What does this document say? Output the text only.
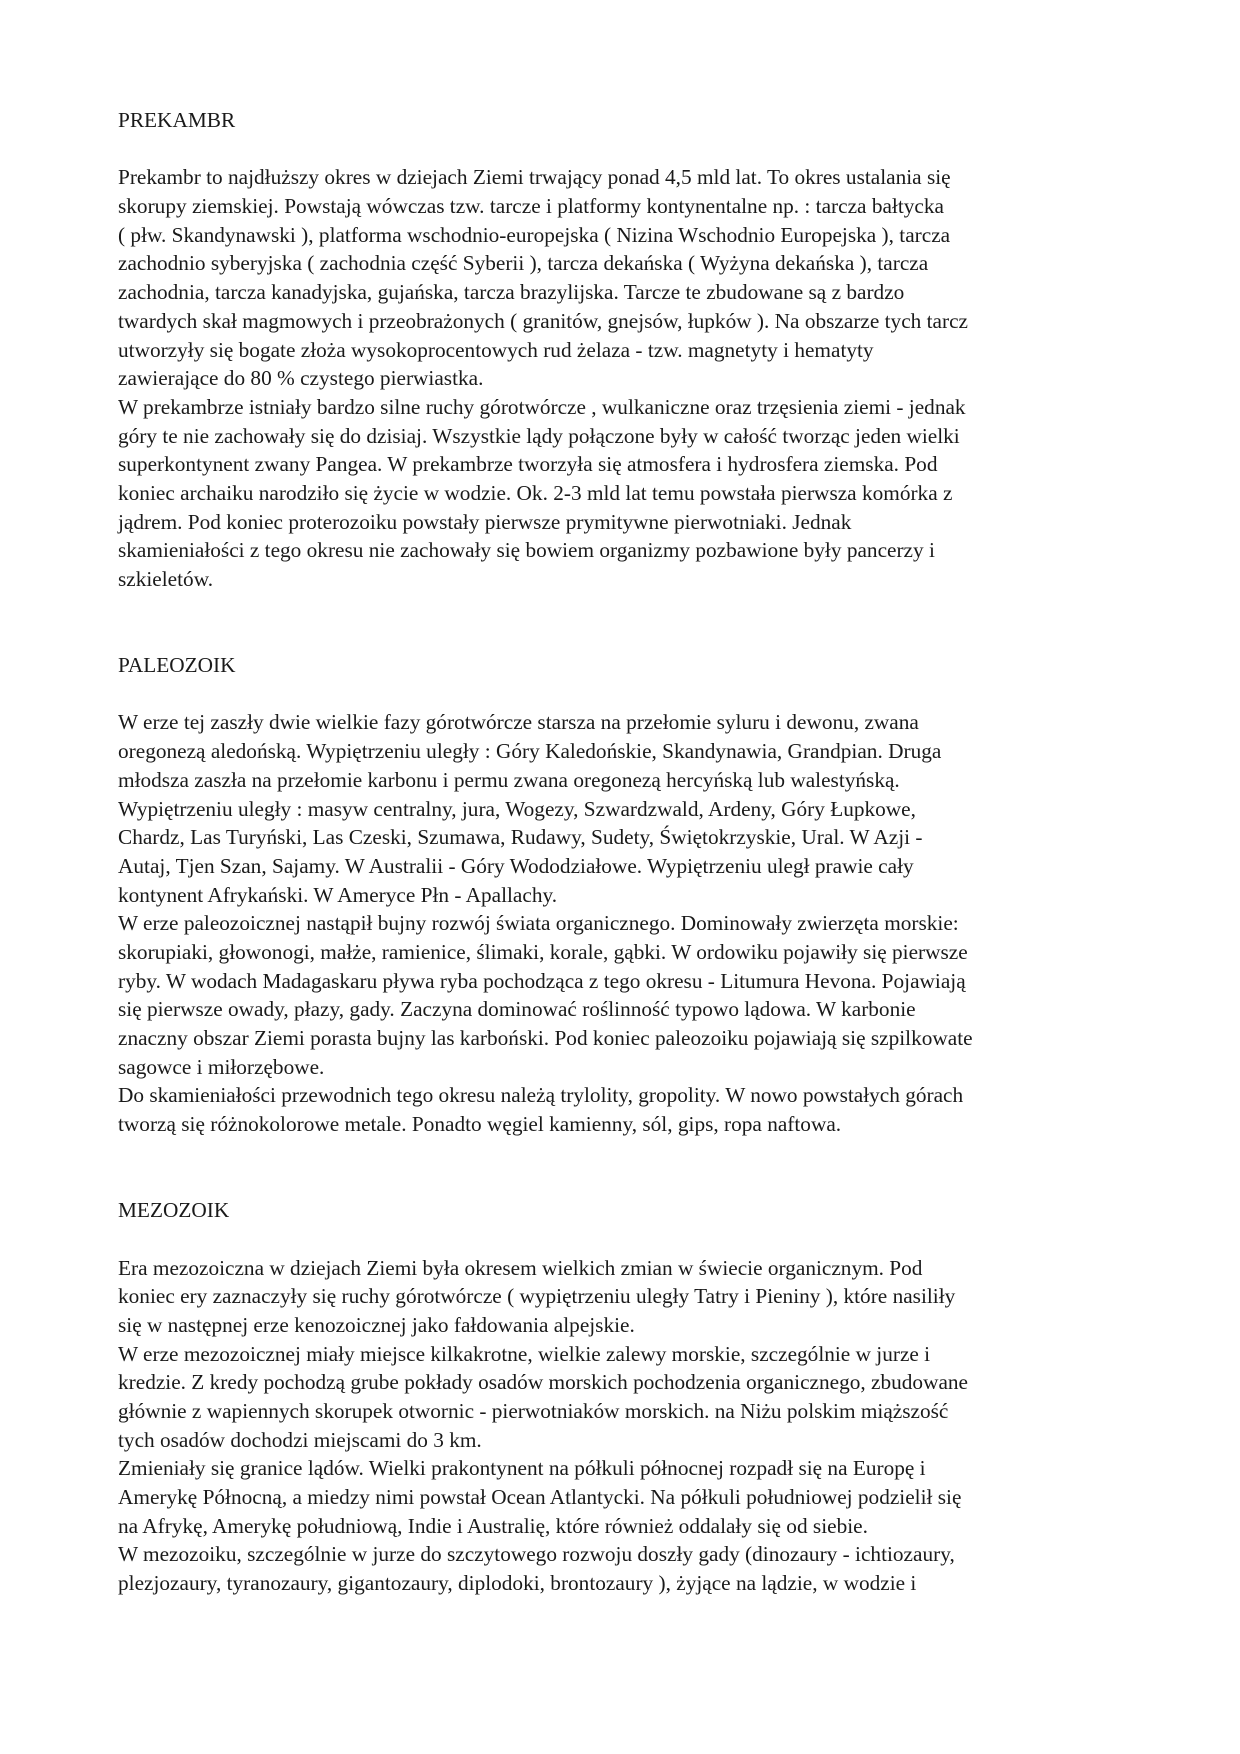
PREKAMBR
Prekambr to najdłuższy okres w dziejach Ziemi trwający ponad 4,5 mld lat. To okres ustalania się
skorupy ziemskiej. Powstają wówczas tzw. tarcze i platformy kontynentalne np. : tarcza bałtycka
( płw. Skandynawski ), platforma wschodnio-europejska ( Nizina Wschodnio Europejska ), tarcza
zachodnio syberyjska ( zachodnia część Syberii ), tarcza dekańska ( Wyżyna dekańska ), tarcza
zachodnia, tarcza kanadyjska, gujańska, tarcza brazylijska. Tarcze te zbudowane są z bardzo
twardych skał magmowych i przeobrażonych ( granitów, gnejsów, łupków ). Na obszarze tych tarcz
utworzyły się bogate złoża wysokoprocentowych rud żelaza - tzw. magnetyty i hematyty
zawierające do 80 % czystego pierwiastka.
W prekambrze istniały bardzo silne ruchy górotwórcze , wulkaniczne oraz trzęsienia ziemi - jednak
góry te nie zachowały się do dzisiaj. Wszystkie lądy połączone były w całość tworząc jeden wielki
superkontynent zwany Pangea. W prekambrze tworzyła się atmosfera i hydrosfera ziemska. Pod
koniec archaiku narodziło się życie w wodzie. Ok. 2-3 mld lat temu powstała pierwsza komórka z
jądrem. Pod koniec proterozoiku powstały pierwsze prymitywne pierwotniaki. Jednak
skamieniałości z tego okresu nie zachowały się bowiem organizmy pozbawione były pancerzy i
szkieletów.
PALEOZOIK
W erze tej zaszły dwie wielkie fazy górotwórcze starsza na przełomie syluru i dewonu, zwana
oregonezą aledońską. Wypiętrzeniu uległy : Góry Kaledońskie, Skandynawia, Grandpian. Druga
młodsza zaszła na przełomie karbonu i permu zwana oregonezą hercyńską lub walestyńską.
Wypiętrzeniu uległy : masyw centralny, jura, Wogezy, Szwardzwald, Ardeny, Góry Łupkowe,
Chardz, Las Turyński, Las Czeski, Szumawa, Rudawy, Sudety, Świętokrzyskie, Ural. W Azji -
Autaj, Tjen Szan, Sajamy. W Australii - Góry Wododziałowe. Wypiętrzeniu uległ prawie cały
kontynent Afrykański. W Ameryce Płn - Apallachy.
W erze paleozoicznej nastąpił bujny rozwój świata organicznego. Dominowały zwierzęta morskie:
skorupiaki, głowonogi, małże, ramienice, ślimaki, korale, gąbki. W ordowiku pojawiły się pierwsze
ryby. W wodach Madagaskaru pływa ryba pochodząca z tego okresu - Litumura Hevona. Pojawiają
się pierwsze owady, płazy, gady. Zaczyna dominować roślinność typowo lądowa. W karbonie
znaczny obszar Ziemi porasta bujny las karboński. Pod koniec paleozoiku pojawiają się szpilkowate
sagowce i miłorzębowe.
Do skamieniałości przewodnich tego okresu należą trylolity, gropolity. W nowo powstałych górach
tworzą się różnokolorowe metale. Ponadto węgiel kamienny, sól, gips, ropa naftowa.
MEZOZOIK
Era mezozoiczna w dziejach Ziemi była okresem wielkich zmian w świecie organicznym. Pod
koniec ery zaznaczyły się ruchy górotwórcze ( wypiętrzeniu uległy Tatry i Pieniny ), które nasiliły
się w następnej erze kenozoicznej jako fałdowania alpejskie.
W erze mezozoicznej miały miejsce kilkakrotne, wielkie zalewy morskie, szczególnie w jurze i
kredzie. Z kredy pochodzą grube pokłady osadów morskich pochodzenia organicznego, zbudowane
głównie z wapiennych skorupek otwornic - pierwotniaków morskich. na Niżu polskim miąższość
tych osadów dochodzi miejscami do 3 km.
Zmieniały się granice lądów. Wielki prakontynent na półkuli północnej rozpadł się na Europę i
Amerykę Północną, a miedzy nimi powstał Ocean Atlantycki. Na półkuli południowej podzielił się
na Afrykę, Amerykę południową, Indie i Australię, które również oddalały się od siebie.
W mezozoiku, szczególnie w jurze do szczytowego rozwoju doszły gady (dinozaury - ichtiozaury,
plezjozaury, tyranozaury, gigantozaury, diplodoki, brontozaury ), żyjące na lądzie, w wodzie i
